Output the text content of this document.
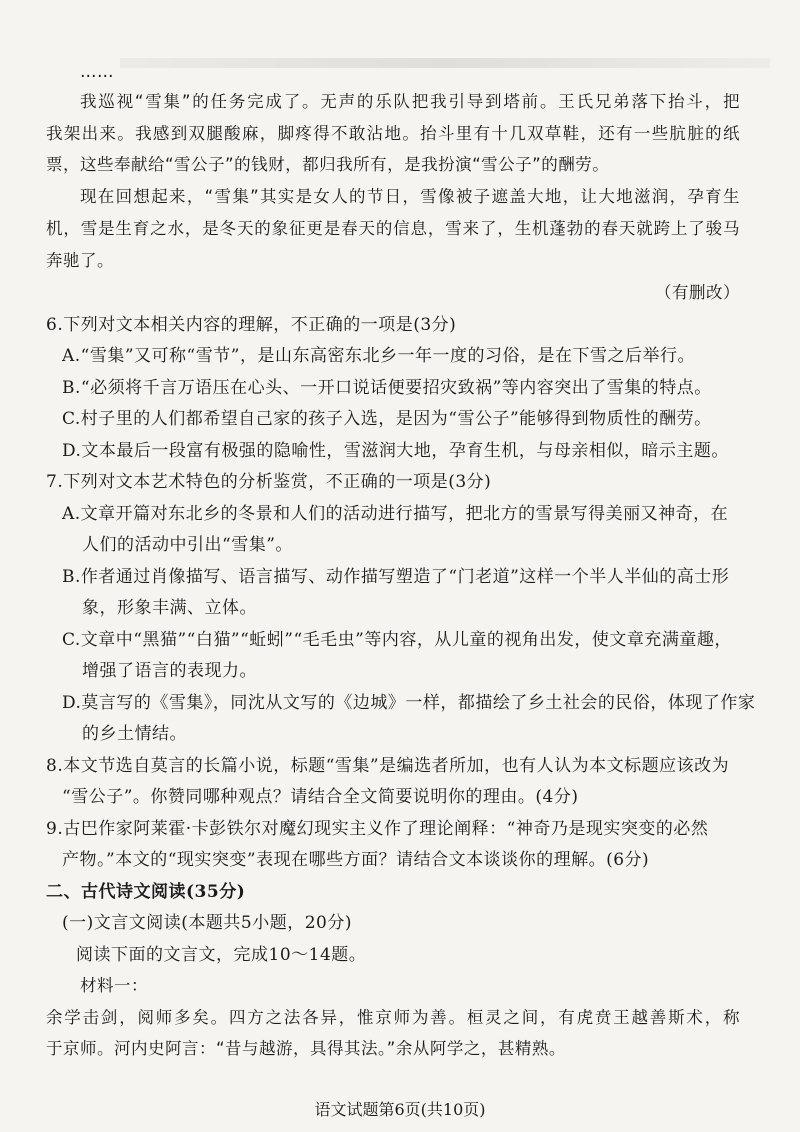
……
我巡视“雪集”的任务完成了。无声的乐队把我引导到塔前。王氏兄弟落下抬斗，把
我架出来。我感到双腿酸麻，脚疼得不敢沾地。抬斗里有十几双草鞋，还有一些肮脏的纸
票，这些奉献给“雪公子”的钱财，都归我所有，是我扮演“雪公子”的酬劳。
现在回想起来，“雪集”其实是女人的节日，雪像被子遮盖大地，让大地滋润，孕育生
机，雪是生育之水，是冬天的象征更是春天的信息，雪来了，生机蓬勃的春天就跨上了骏马
奔驰了。
（有删改）
6.下列对文本相关内容的理解，不正确的一项是(3分)
A.“雪集”又可称“雪节”，是山东高密东北乡一年一度的习俗，是在下雪之后举行。
B.“必须将千言万语压在心头、一开口说话便要招灾致祸”等内容突出了雪集的特点。
C.村子里的人们都希望自己家的孩子入选，是因为“雪公子”能够得到物质性的酬劳。
D.文本最后一段富有极强的隐喻性，雪滋润大地，孕育生机，与母亲相似，暗示主题。
7.下列对文本艺术特色的分析鉴赏，不正确的一项是(3分)
A.文章开篇对东北乡的冬景和人们的活动进行描写，把北方的雪景写得美丽又神奇，在
人们的活动中引出“雪集”。
B.作者通过肖像描写、语言描写、动作描写塑造了“门老道”这样一个半人半仙的高士形
象，形象丰满、立体。
C.文章中“黑猫”“白猫”“蚯蚓”“毛毛虫”等内容，从儿童的视角出发，使文章充满童趣，
增强了语言的表现力。
D.莫言写的《雪集》，同沈从文写的《边城》一样，都描绘了乡土社会的民俗，体现了作家
的乡土情结。
8.本文节选自莫言的长篇小说，标题“雪集”是编选者所加，也有人认为本文标题应该改为
“雪公子”。你赞同哪种观点？请结合全文简要说明你的理由。(4分)
9.古巴作家阿莱霍·卡彭铁尔对魔幻现实主义作了理论阐释：“神奇乃是现实突变的必然
产物。”本文的“现实突变”表现在哪些方面？请结合文本谈谈你的理解。(6分)
二、古代诗文阅读(35分)
(一)文言文阅读(本题共5小题，20分)
阅读下面的文言文，完成10～14题。
材料一：
余学击剑，阅师多矣。四方之法各异，惟京师为善。桓灵之间，有虎贲王越善斯术，称
于京师。河内史阿言：“昔与越游，具得其法。”余从阿学之，甚精熟。
语文试题第6页(共10页)
